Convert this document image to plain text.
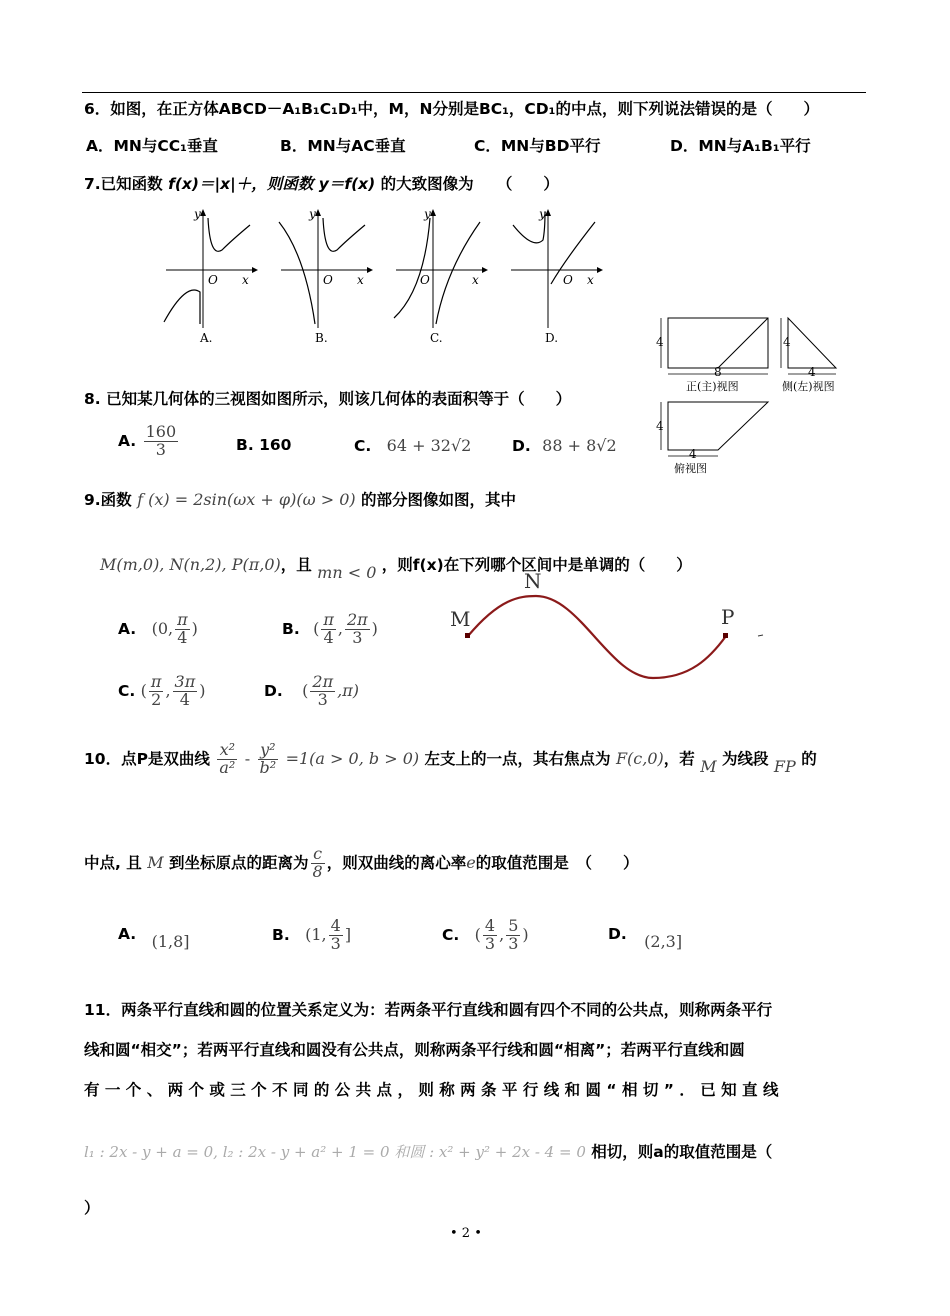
6．如图，在正方体ABCD－A₁B₁C₁D₁中，M，N分别是BC₁，CD₁的中点，则下列说法错误的是（　　）
A．MN与CC₁垂直	B．MN与AC垂直	C．MN与BD平行	D．MN与A₁B₁平行
7.已知函数 f(x)＝|x|＋，则函数 y＝f(x) 的大致图像为　　（　　）
y
x
O
A.
y
x
O
B.
y
x
O
C.
y
x
O
D.	4
8
正(主)视图
4
4
侧(左)视图
4
4
俯视图
8. 已知某几何体的三视图如图所示，则该几何体的表面积等于（　　）
A. $\frac{160}{3}$	B. 160	C. 64 + 32√2	D. 88 + 8√2
9.函数 f (x) = 2sin(ωx + φ)(ω > 0) 的部分图像如图，其中
M(m,0), N(n,2), P(π,0)，且 mn < 0 ，则f(x)在下列哪个区间中是单调的（　　）
M
N
P
A. (0, $\frac{\pi}{4}$ )	B. ( $\frac{\pi}{4}$ , $\frac{2\pi}{3}$ )
C. ( $\frac{\pi}{2}$ , $\frac{3\pi}{4}$ )	D. ( $\frac{2\pi}{3} ,\pi$)
10．点P是双曲线 $\frac{\text{x²}}{\text{a²}} - \frac{\text{y²}}{\text{b²}} =1(a > 0$, b > 0) 左支上的一点，其右焦点为 F(c,0)，若 M 为线段 FP 的
中点, 且 M 到坐标原点的距离为 $\frac{c}{8}$ ，则双曲线的离心率e的取值范围是　（　　）
A. (1,8]	B. (1, $\frac{4}{3}$ ]	C. ( $\frac{4}{3}$ , $\frac{5}{3}$ )	D. (2,3]
11．两条平行直线和圆的位置关系定义为：若两条平行直线和圆有四个不同的公共点，则称两条平行
线和圆“相交”；若两平行直线和圆没有公共点，则称两条平行线和圆“相离”；若两平行直线和圆
有 一 个 、 两 个 或 三 个 不 同 的 公 共 点 ， 则 称 两 条 平 行 线 和 圆 “ 相 切 ” ． 已 知 直 线
l₁ : 2x - y + a = 0, l₂ : 2x - y + a² + 1 = 0 和圆 : x² + y² + 2x - 4 = 0 相切，则a的取值范围是（
）
• 2 •
